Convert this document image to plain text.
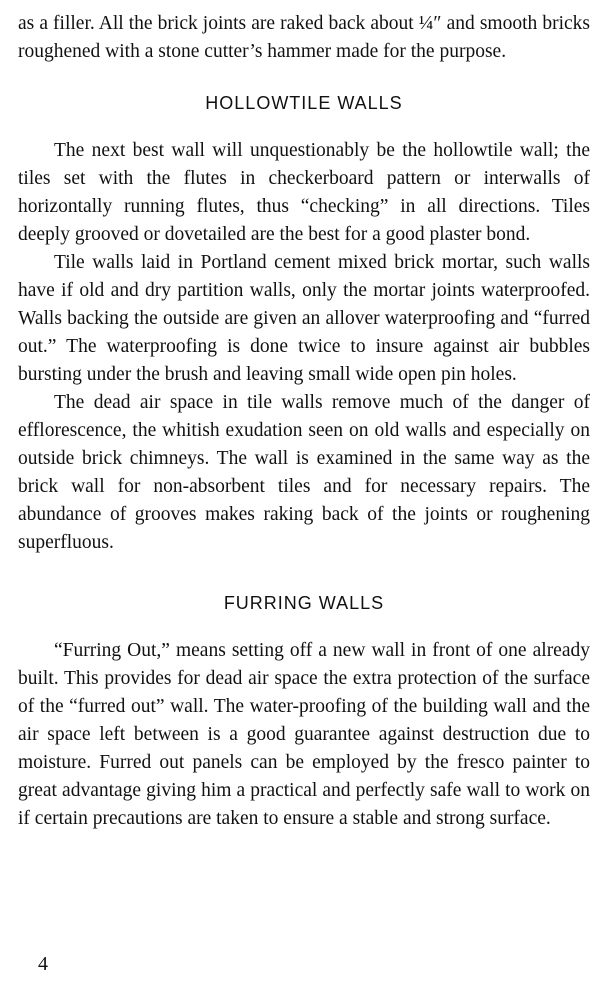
as a filler. All the brick joints are raked back about ¼″ and smooth bricks roughened with a stone cutter’s hammer made for the purpose.

HOLLOWTILE WALLS

The next best wall will unquestionably be the hollowtile wall; the tiles set with the flutes in checkerboard pattern or interwalls of horizontally running flutes, thus “checking” in all directions. Tiles deeply grooved or dovetailed are the best for a good plaster bond.

Tile walls laid in Portland cement mixed brick mortar, such walls have if old and dry partition walls, only the mortar joints waterproofed. Walls backing the outside are given an allover waterproofing and “furred out.” The waterproofing is done twice to insure against air bubbles bursting under the brush and leaving small wide open pin holes.

The dead air space in tile walls remove much of the danger of efflorescence, the whitish exudation seen on old walls and especially on outside brick chimneys. The wall is examined in the same way as the brick wall for non-absorbent tiles and for necessary repairs. The abundance of grooves makes raking back of the joints or roughening superfluous.

FURRING WALLS

“Furring Out,” means setting off a new wall in front of one already built. This provides for dead air space the extra protection of the surface of the “furred out” wall. The water-proofing of the building wall and the air space left between is a good guarantee against destruction due to moisture. Furred out panels can be employed by the fresco painter to great advantage giving him a practical and perfectly safe wall to work on if certain precautions are taken to ensure a stable and strong surface.

4
